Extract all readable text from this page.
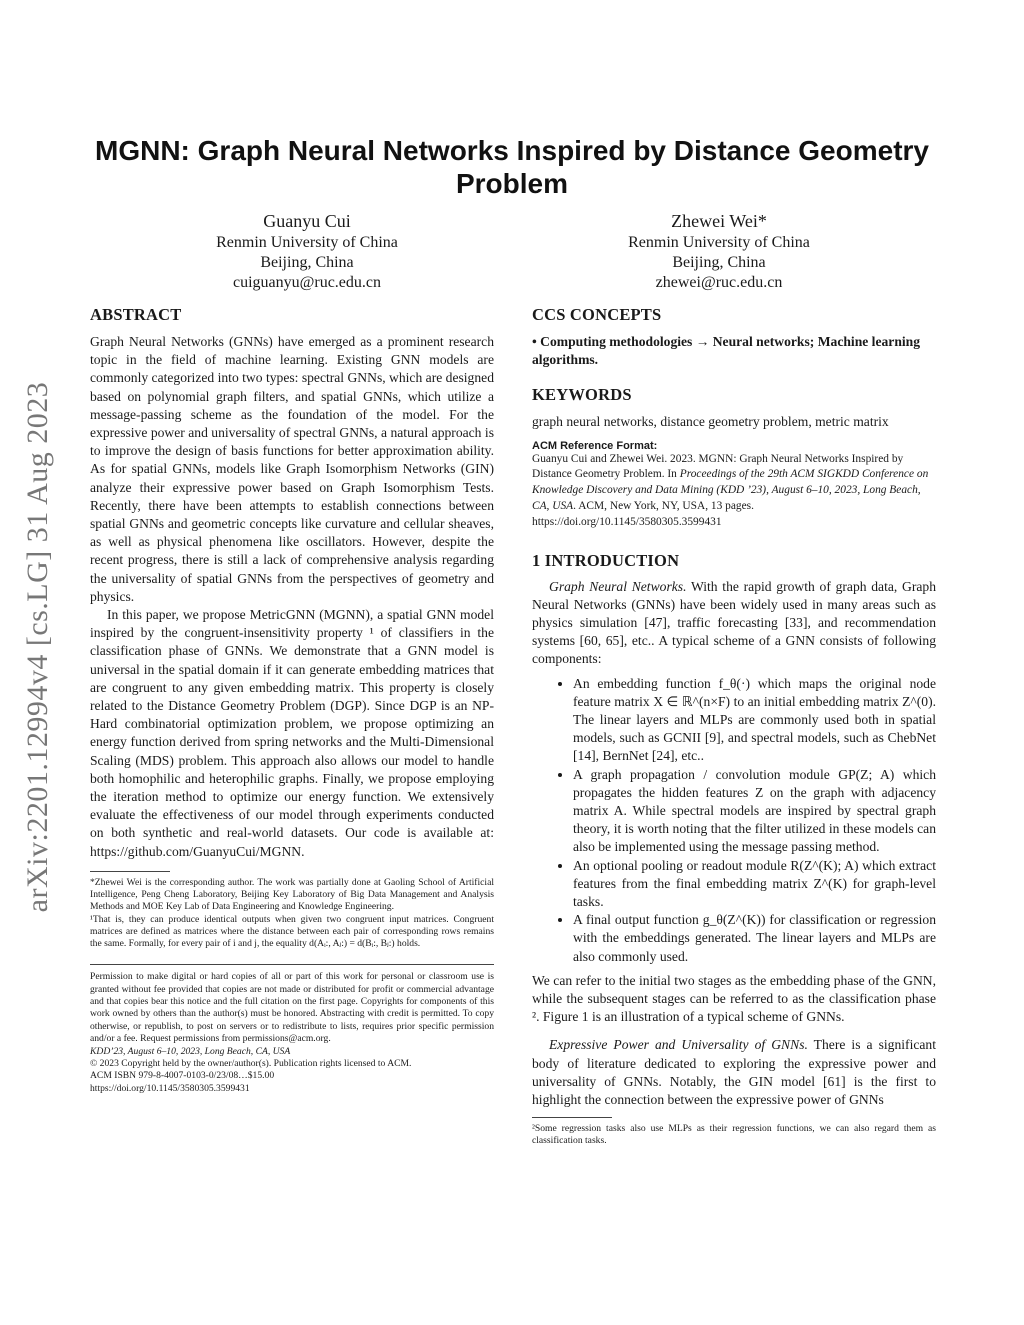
arXiv:2201.12994v4 [cs.LG] 31 Aug 2023
MGNN: Graph Neural Networks Inspired by Distance Geometry Problem
Guanyu Cui
Renmin University of China
Beijing, China
cuiguanyu@ruc.edu.cn
Zhewei Wei*
Renmin University of China
Beijing, China
zhewei@ruc.edu.cn
ABSTRACT

Graph Neural Networks (GNNs) have emerged as a prominent research topic in the field of machine learning. Existing GNN models are commonly categorized into two types: spectral GNNs, which are designed based on polynomial graph filters, and spatial GNNs, which utilize a message-passing scheme as the foundation of the model. For the expressive power and universality of spectral GNNs, a natural approach is to improve the design of basis functions for better approximation ability. As for spatial GNNs, models like Graph Isomorphism Networks (GIN) analyze their expressive power based on Graph Isomorphism Tests. Recently, there have been attempts to establish connections between spatial GNNs and geometric concepts like curvature and cellular sheaves, as well as physical phenomena like oscillators. However, despite the recent progress, there is still a lack of comprehensive analysis regarding the universality of spatial GNNs from the perspectives of geometry and physics.

In this paper, we propose MetricGNN (MGNN), a spatial GNN model inspired by the congruent-insensitivity property ¹ of classifiers in the classification phase of GNNs. We demonstrate that a GNN model is universal in the spatial domain if it can generate embedding matrices that are congruent to any given embedding matrix. This property is closely related to the Distance Geometry Problem (DGP). Since DGP is an NP-Hard combinatorial optimization problem, we propose optimizing an energy function derived from spring networks and the Multi-Dimensional Scaling (MDS) problem. This approach also allows our model to handle both homophilic and heterophilic graphs. Finally, we propose employing the iteration method to optimize our energy function. We extensively evaluate the effectiveness of our model through experiments conducted on both synthetic and real-world datasets. Our code is available at: https://github.com/GuanyuCui/MGNN.

*Zhewei Wei is the corresponding author. The work was partially done at Gaoling School of Artificial Intelligence, Peng Cheng Laboratory, Beijing Key Laboratory of Big Data Management and Analysis Methods and MOE Key Lab of Data Engineering and Knowledge Engineering.

¹That is, they can produce identical outputs when given two congruent input matrices. Congruent matrices are defined as matrices where the distance between each pair of corresponding rows remains the same. Formally, for every pair of i and j, the equality d(Aᵢ:, Aⱼ:) = d(Bᵢ:, Bⱼ:) holds.

Permission to make digital or hard copies of all or part of this work for personal or classroom use is granted without fee provided that copies are not made or distributed for profit or commercial advantage and that copies bear this notice and the full citation on the first page. Copyrights for components of this work owned by others than the author(s) must be honored. Abstracting with credit is permitted. To copy otherwise, or republish, to post on servers or to redistribute to lists, requires prior specific permission and/or a fee. Request permissions from permissions@acm.org.

KDD’23, August 6–10, 2023, Long Beach, CA, USA

© 2023 Copyright held by the owner/author(s). Publication rights licensed to ACM.

ACM ISBN 979-8-4007-0103-0/23/08…$15.00

https://doi.org/10.1145/3580305.3599431

CCS CONCEPTS

• Computing methodologies → Neural networks; Machine learning algorithms.

KEYWORDS

graph neural networks, distance geometry problem, metric matrix

ACM Reference Format:

Guanyu Cui and Zhewei Wei. 2023. MGNN: Graph Neural Networks Inspired by Distance Geometry Problem. In Proceedings of the 29th ACM SIGKDD Conference on Knowledge Discovery and Data Mining (KDD ’23), August 6–10, 2023, Long Beach, CA, USA. ACM, New York, NY, USA, 13 pages. https://doi.org/10.1145/3580305.3599431

1 INTRODUCTION

Graph Neural Networks. With the rapid growth of graph data, Graph Neural Networks (GNNs) have been widely used in many areas such as physics simulation [47], traffic forecasting [33], and recommendation systems [60, 65], etc.. A typical scheme of a GNN consists of following components:

• An embedding function f_θ(·) which maps the original node feature matrix X ∈ ℝ^(n×F) to an initial embedding matrix Z^(0). The linear layers and MLPs are commonly used both in spatial models, such as GCNII [9], and spectral models, such as ChebNet [14], BernNet [24], etc..
• A graph propagation / convolution module GP(Z; A) which propagates the hidden features Z on the graph with adjacency matrix A. While spectral models are inspired by spectral graph theory, it is worth noting that the filter utilized in these models can also be implemented using the message passing method.
• An optional pooling or readout module R(Z^(K); A) which extract features from the final embedding matrix Z^(K) for graph-level tasks.
• A final output function g_θ(Z^(K)) for classification or regression with the embeddings generated. The linear layers and MLPs are also commonly used.

We can refer to the initial two stages as the embedding phase of the GNN, while the subsequent stages can be referred to as the classification phase ². Figure 1 is an illustration of a typical scheme of GNNs.

Expressive Power and Universality of GNNs. There is a significant body of literature dedicated to exploring the expressive power and universality of GNNs. Notably, the GIN model [61] is the first to highlight the connection between the expressive power of GNNs

²Some regression tasks also use MLPs as their regression functions, we can also regard them as classification tasks.
